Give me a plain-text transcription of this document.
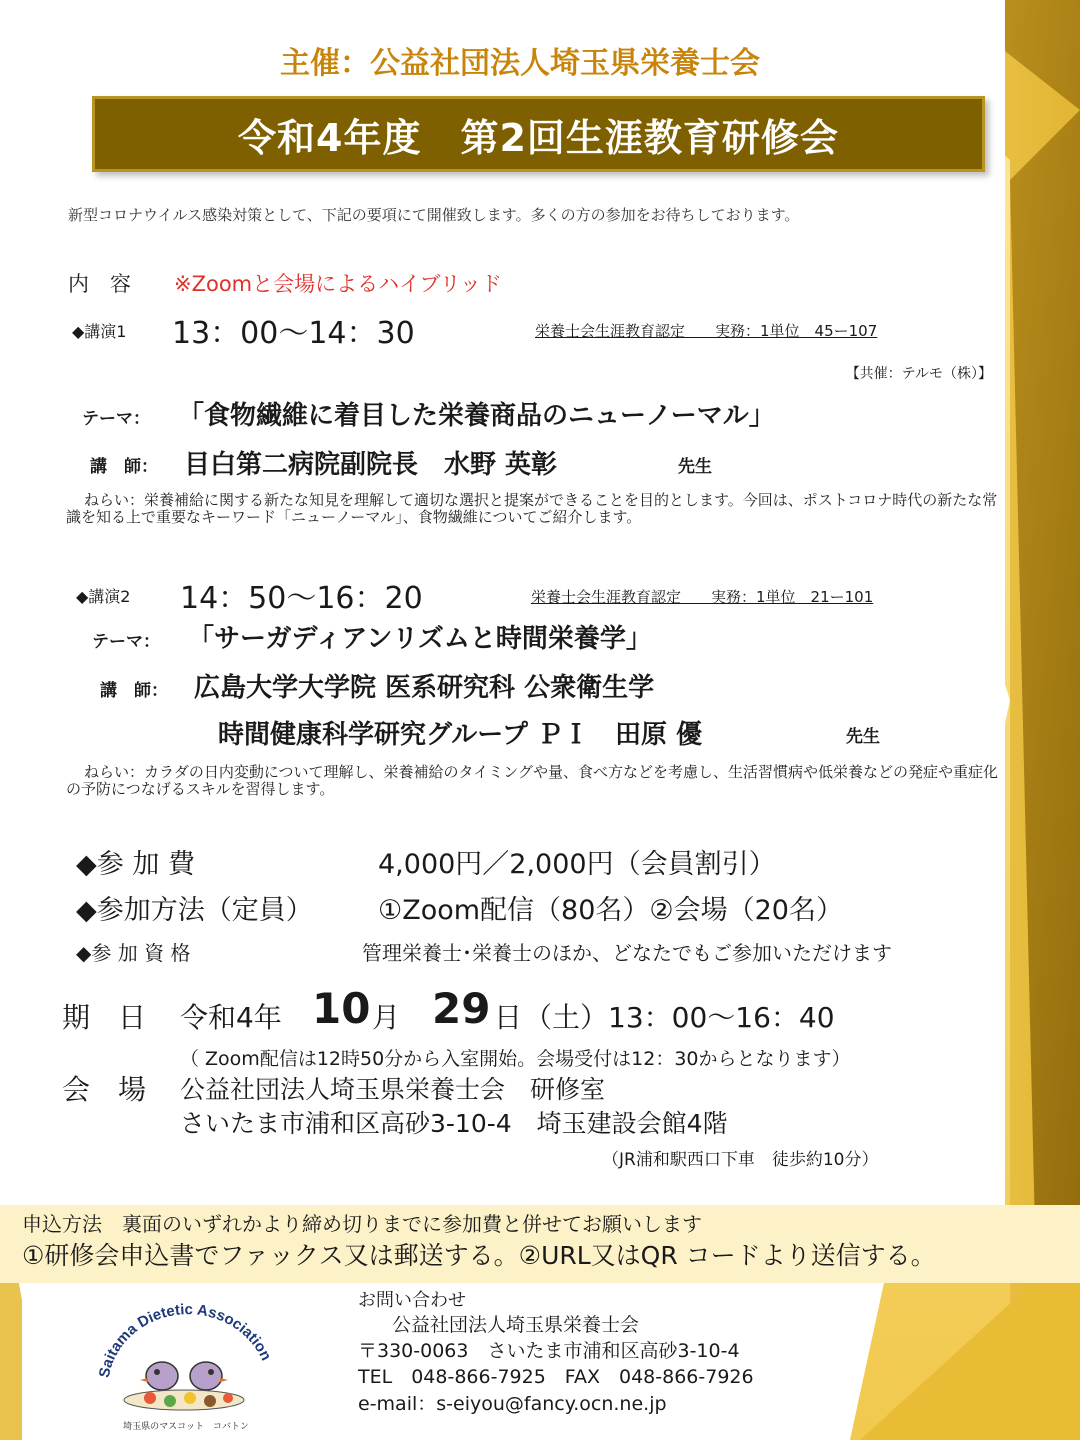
主催：公益社団法人埼玉県栄養士会
令和4年度　第2回生涯教育研修会
新型コロナウイルス感染対策として、下記の要項にて開催致します。多くの方の参加をお待ちしております。
内　容 ※Zoomと会場によるハイブリッド
◆講演1 13：00～14：30	栄養士会生涯教育認定　　実務：1単位　45ー107
【共催：テルモ（株）】
テーマ： 「食物繊維に着目した栄養商品のニューノーマル」
講　師： 目白第二病院副院長　水野 英彰	先生
ねらい：栄養補給に関する新たな知見を理解して適切な選択と提案ができることを目的とします。今回は、ポストコロナ時代の新たな常識を知る上で重要なキーワード「ニューノーマル」、食物繊維についてご紹介します。
◆講演2 14：50～16：20	栄養士会生涯教育認定　　実務：1単位　21ー101
テーマ： 「サーガディアンリズムと時間栄養学」
講　師： 広島大学大学院 医系研究科 公衆衛生学
時間健康科学研究グループ ＰＩ　田原 優	先生
ねらい：カラダの日内変動について理解し、栄養補給のタイミングや量、食べ方などを考慮し、生活習慣病や低栄養などの発症や重症化の予防につなげるスキルを習得します。
◆参 加 費	4,000円／2,000円（会員割引）
◆参加方法（定員） ①Zoom配信（80名）②会場（20名）
◆参 加 資 格	管理栄養士･栄養士のほか、どなたでもご参加いただけます
期　日 令和4年 10 月 29 日 （土）13：00～16：40
（ Zoom配信は12時50分から入室開始。会場受付は12：30からとなります）
会　場 公益社団法人埼玉県栄養士会　研修室
さいたま市浦和区高砂3-10-4　埼玉建設会館4階
（JR浦和駅西口下車　徒歩約10分）
申込方法　裏面のいずれかより締め切りまでに参加費と併せてお願いします
①研修会申込書でファックス又は郵送する。②URL又はQR コードより送信する。
Saitama Dietetic Association
埼玉県のマスコット　コバトン
お問い合わせ
公益社団法人埼玉県栄養士会
〒330-0063　さいたま市浦和区高砂3-10-4
TEL　048-866-7925　FAX　048-866-7926
e-mail：s-eiyou@fancy.ocn.ne.jp
